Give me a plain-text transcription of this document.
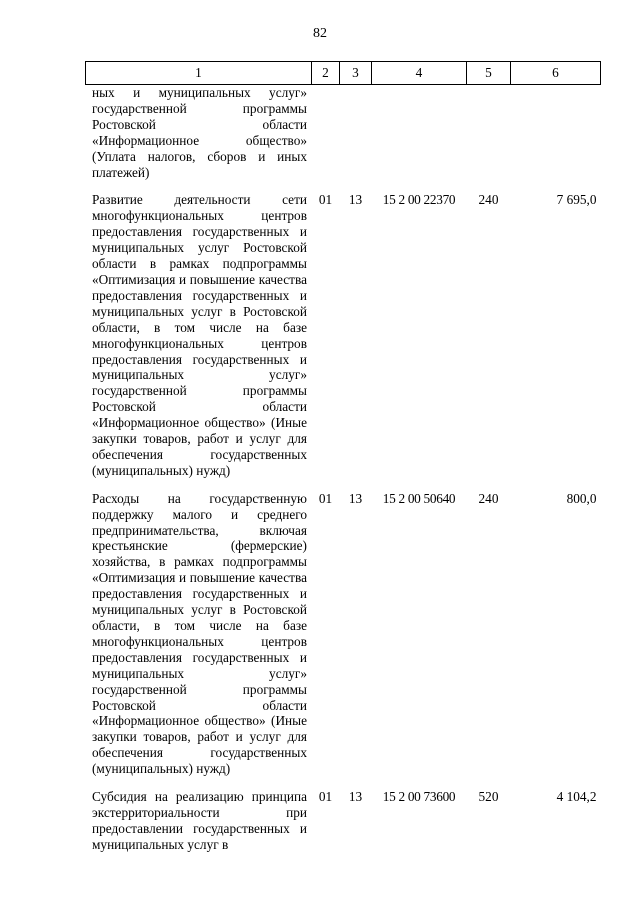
82
1	2	3	4	5	6
ных и муниципальных услуг» государственной программы Ростовской области «Информационное общество» (Уплата налогов, сборов и иных платежей)					
Развитие деятельности сети многофункциональных центров предоставления государственных и муниципальных услуг Ростовской области в рамках подпрограммы «Оптимизация и повышение качества предоставления государственных и муниципальных услуг в Ростовской области, в том числе на базе многофункциональных центров предоставления государственных и муниципальных услуг» государственной программы Ростовской области «Информационное общество» (Иные закупки товаров, работ и услуг для обеспечения государственных (муниципальных) нужд)	01	13	15 2 00 22370	240	7 695,0
Расходы на государственную поддержку малого и среднего предпринимательства, включая крестьянские (фермерские) хозяйства, в рамках подпрограммы «Оптимизация и повышение качества предоставления государственных и муниципальных услуг в Ростовской области, в том числе на базе многофункциональных центров предоставления государственных и муниципальных услуг» государственной программы Ростовской области «Информационное общество» (Иные закупки товаров, работ и услуг для обеспечения государственных (муниципальных) нужд)	01	13	15 2 00 50640	240	800,0
Субсидия на реализацию принципа экстерриториальности при предоставлении государственных и муниципальных услуг в	01	13	15 2 00 73600	520	4 104,2
